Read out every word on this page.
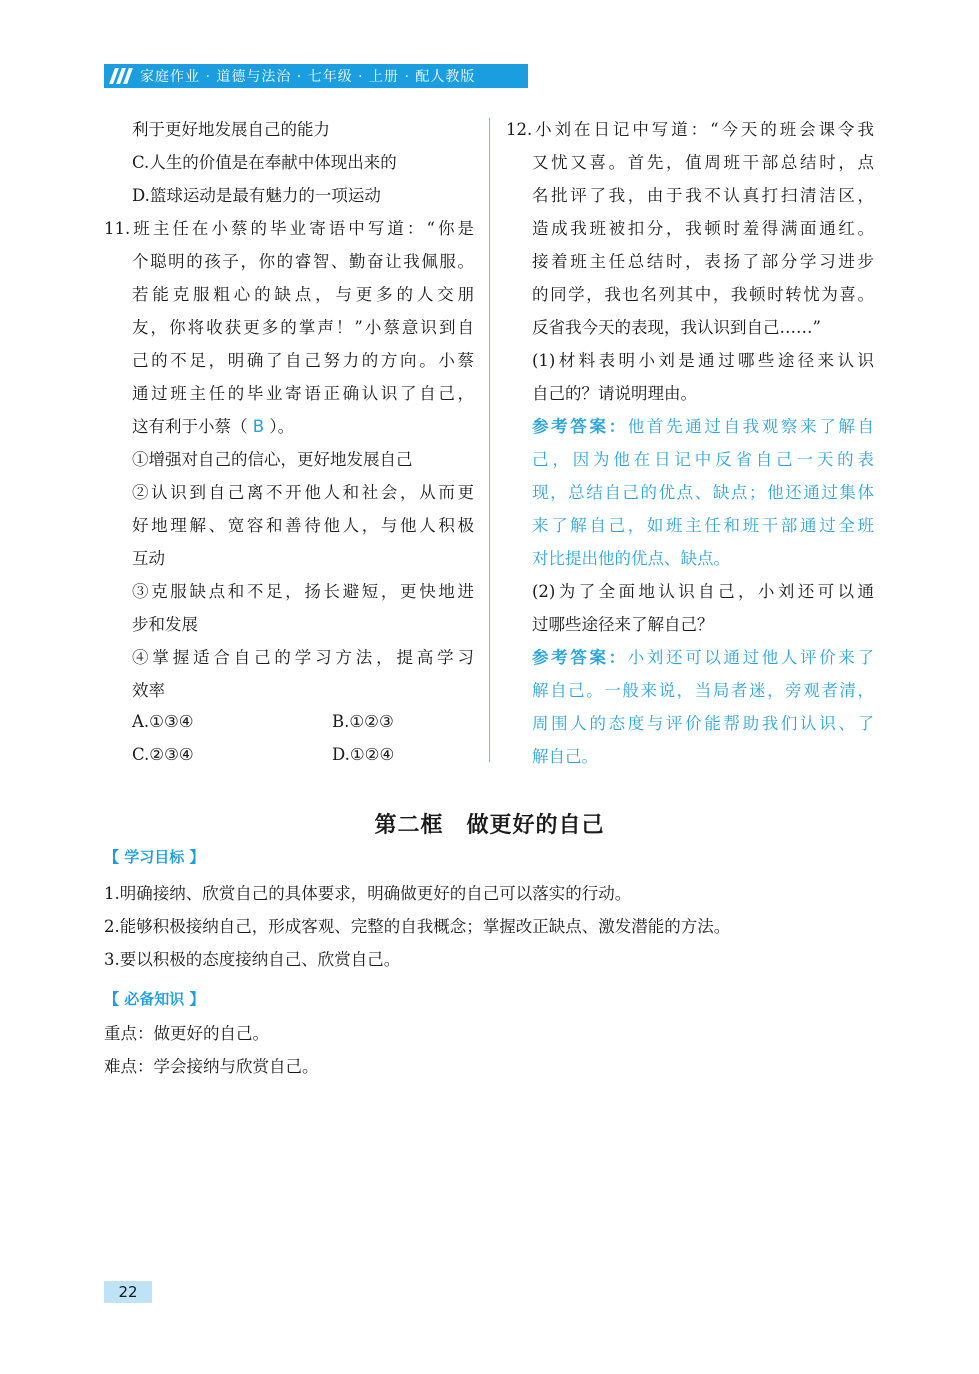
家庭作业 · 道德与法治 · 七年级 · 上册 · 配人教版
利于更好地发展自己的能力
C.人生的价值是在奉献中体现出来的
D.篮球运动是最有魅力的一项运动
11.班主任在小蔡的毕业寄语中写道：“你是
个聪明的孩子，你的睿智、勤奋让我佩服。
若能克服粗心的缺点，与更多的人交朋
友，你将收获更多的掌声！”小蔡意识到自
己的不足，明确了自己努力的方向。小蔡
通过班主任的毕业寄语正确认识了自己，
这有利于小蔡（ B ）。
①增强对自己的信心，更好地发展自己
②认识到自己离不开他人和社会，从而更
好地理解、宽容和善待他人，与他人积极
互动
③克服缺点和不足，扬长避短，更快地进
步和发展
④掌握适合自己的学习方法，提高学习
效率
A.①③④	B.①②③
C.②③④	D.①②④
12.小刘在日记中写道：“今天的班会课令我
又忧又喜。首先，值周班干部总结时，点
名批评了我，由于我不认真打扫清洁区，
造成我班被扣分，我顿时羞得满面通红。
接着班主任总结时，表扬了部分学习进步
的同学，我也名列其中，我顿时转忧为喜。
反省我今天的表现，我认识到自己……”
(1)材料表明小刘是通过哪些途径来认识
自己的？请说明理由。
参考答案：他首先通过自我观察来了解自
己，因为他在日记中反省自己一天的表
现，总结自己的优点、缺点；他还通过集体
来了解自己，如班主任和班干部通过全班
对比提出他的优点、缺点。
(2)为了全面地认识自己，小刘还可以通
过哪些途径来了解自己？
参考答案：小刘还可以通过他人评价来了
解自己。一般来说，当局者迷，旁观者清，
周围人的态度与评价能帮助我们认识、了
解自己。
第二框　做更好的自己
【 学习目标 】
1.明确接纳、欣赏自己的具体要求，明确做更好的自己可以落实的行动。
2.能够积极接纳自己，形成客观、完整的自我概念；掌握改正缺点、激发潜能的方法。
3.要以积极的态度接纳自己、欣赏自己。
【 必备知识 】
重点：做更好的自己。
难点：学会接纳与欣赏自己。
22
